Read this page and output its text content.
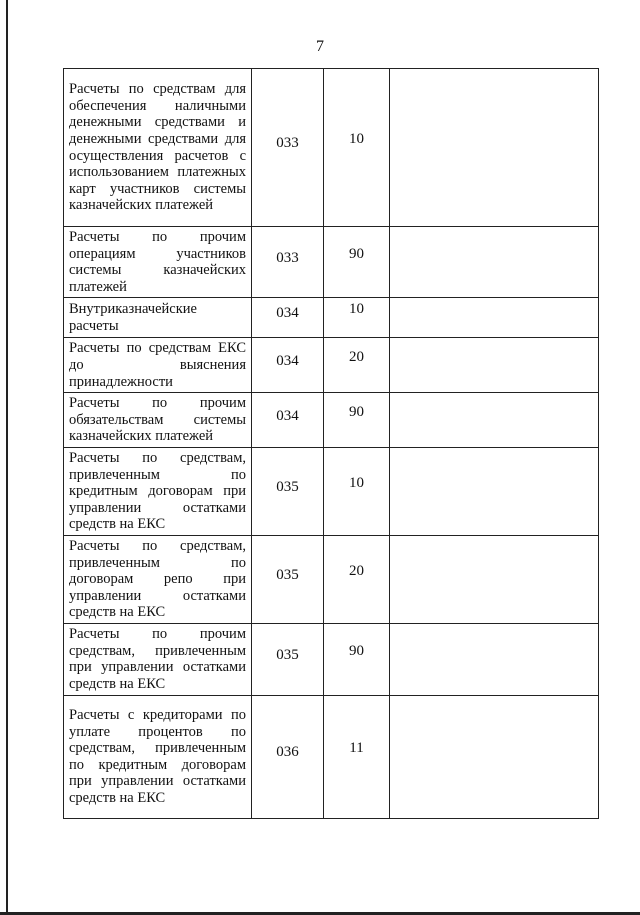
7
Расчеты по средствам для обеспечения наличными денежными средствами и денежными средствами для осуществления расчетов с использованием платежных карт участников системы казначейских платежей	033	10	
Расчеты по прочим операциям участников системы казначейских платежей	033	90	
Внутриказначейские расчеты	034	10	
Расчеты по средствам ЕКС до выяснения принадлежности	034	20	
Расчеты по прочим обязательствам системы казначейских платежей	034	90	
Расчеты по средствам, привлеченным по кредитным договорам при управлении остатками средств на ЕКС	035	10	
Расчеты по средствам, привлеченным по договорам репо при управлении остатками средств на ЕКС	035	20	
Расчеты по прочим средствам, привлеченным при управлении остатками средств на ЕКС	035	90	
Расчеты с кредиторами по уплате процентов по средствам, привлеченным по кредитным договорам при управлении остатками средств на ЕКС	036	11	
